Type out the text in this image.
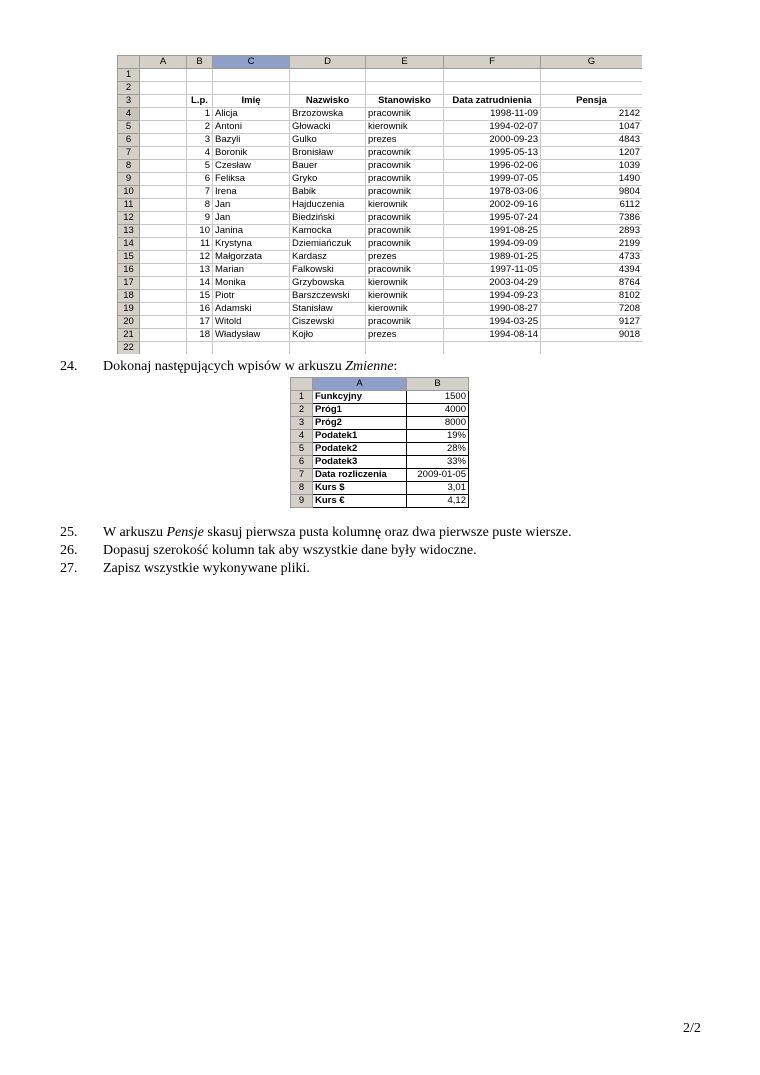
	A	B	C	D	E	F	G
1							
2							
3		L.p.	Imię	Nazwisko	Stanowisko	Data zatrudnienia	Pensja
4		1	Alicja	Brzozowska	pracownik	1998-11-09	2142
5		2	Antoni	Głowacki	kierownik	1994-02-07	1047
6		3	Bazyli	Gulko	prezes	2000-09-23	4843
7		4	Boronik	Bronisław	pracownik	1995-05-13	1207
8		5	Czesław	Bauer	pracownik	1996-02-06	1039
9		6	Feliksa	Gryko	pracownik	1999-07-05	1490
10		7	Irena	Babik	pracownik	1978-03-06	9804
11		8	Jan	Hajduczenia	kierownik	2002-09-16	6112
12		9	Jan	Biedziński	pracownik	1995-07-24	7386
13		10	Janina	Kamocka	pracownik	1991-08-25	2893
14		11	Krystyna	Dziemiańczuk	pracownik	1994-09-09	2199
15		12	Małgorzata	Kardasz	prezes	1989-01-25	4733
16		13	Marian	Falkowski	pracownik	1997-11-05	4394
17		14	Monika	Grzybowska	kierownik	2003-04-29	8764
18		15	Piotr	Barszczewski	kierownik	1994-09-23	8102
19		16	Adamski	Stanisław	kierownik	1990-08-27	7208
20		17	Witold	Ciszewski	pracownik	1994-03-25	9127
21		18	Władysław	Kojło	prezes	1994-08-14	9018
22							
24. Dokonaj następujących wpisów w arkuszu Zmienne:
	A	B
1	Funkcyjny	1500
2	Próg1	4000
3	Próg2	8000
4	Podatek1	19%
5	Podatek2	28%
6	Podatek3	33%
7	Data rozliczenia	2009-01-05
8	Kurs $	3,01
9	Kurs €	4,12
25. W arkuszu Pensje skasuj pierwsza pusta kolumnę oraz dwa pierwsze puste wiersze.
26. Dopasuj szerokość kolumn tak aby wszystkie dane były widoczne.
27. Zapisz wszystkie wykonywane pliki.
2/2
